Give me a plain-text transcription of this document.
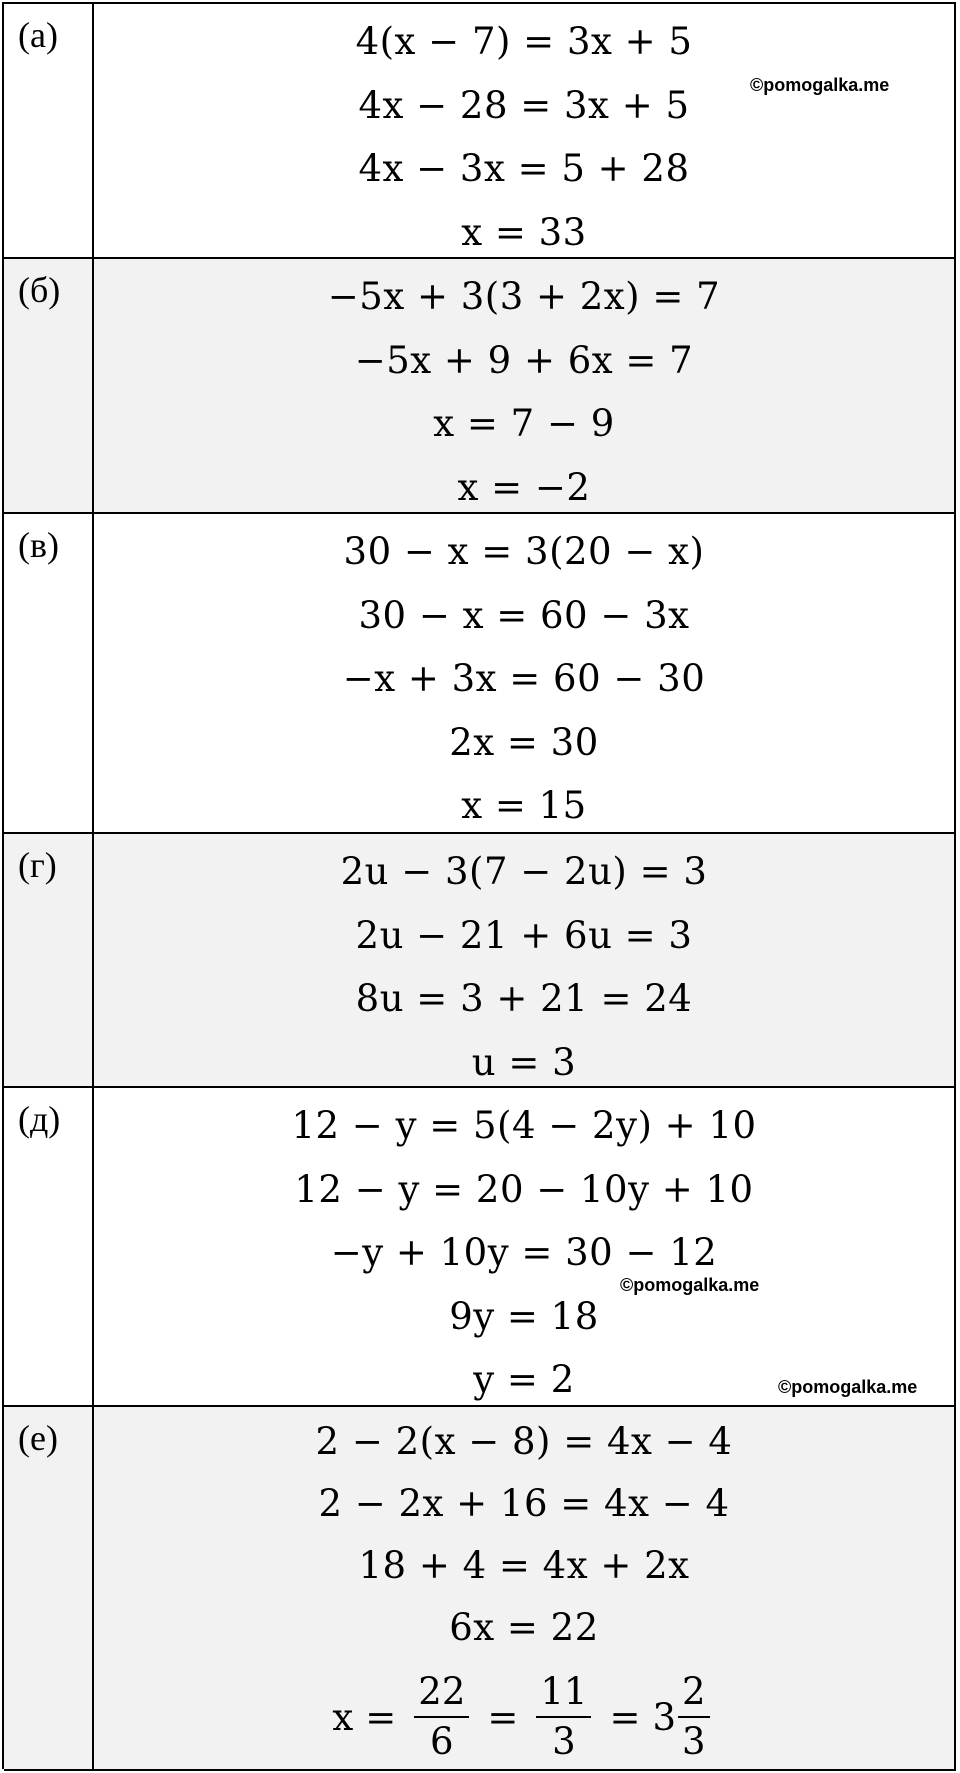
(а)	4(x − 7) = 3x + 5
4x − 28 = 3x + 5
4x − 3x = 5 + 28
x = 33
(б)	−5x + 3(3 + 2x) = 7
−5x + 9 + 6x = 7
x = 7 − 9
x = −2
(в)	30 − x = 3(20 − x)
30 − x = 60 − 3x
−x + 3x = 60 − 30
2x = 30
x = 15
(г)	2u − 3(7 − 2u) = 3
2u − 21 + 6u = 3
8u = 3 + 21 = 24
u = 3
(д)	12 − y = 5(4 − 2y) + 10
12 − y = 20 − 10y + 10
−y + 10y = 30 − 12
9y = 18
y = 2
(е)	2 − 2(x − 8) = 4x − 4
2 − 2x + 16 = 4x − 4
18 + 4 = 4x + 2x
6x = 22
$x = \frac{22}{6} = \frac{11}{3} = 3 \frac{2}{3}$
©pomogalka.me
©pomogalka.me
©pomogalka.me
